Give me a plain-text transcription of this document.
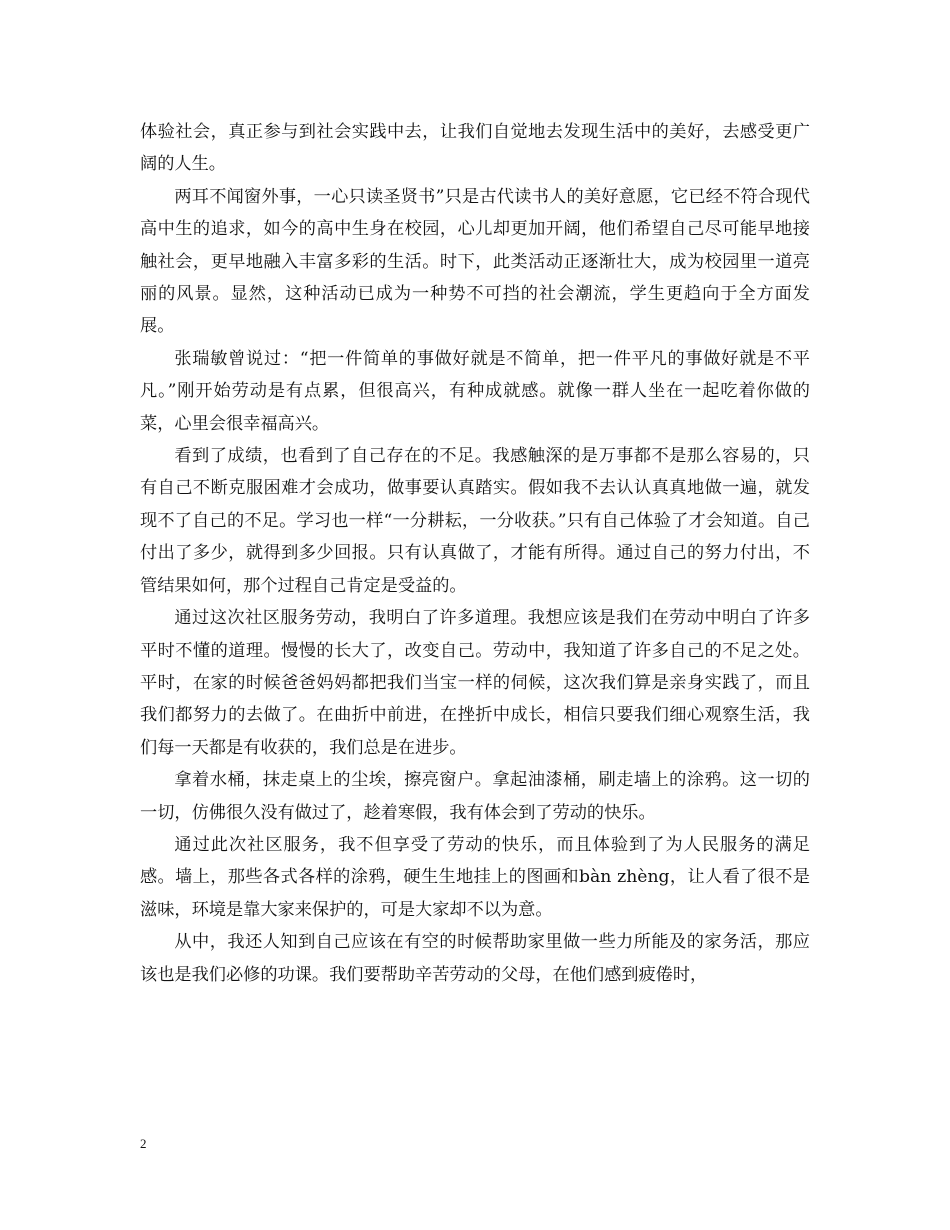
体验社会，真正参与到社会实践中去，让我们自觉地去发现生活中的美好，去感受更广阔的人生。

两耳不闻窗外事，一心只读圣贤书”只是古代读书人的美好意愿，它已经不符合现代高中生的追求，如今的高中生身在校园，心儿却更加开阔，他们希望自己尽可能早地接触社会，更早地融入丰富多彩的生活。时下，此类活动正逐渐壮大，成为校园里一道亮丽的风景。显然，这种活动已成为一种势不可挡的社会潮流，学生更趋向于全方面发展。

张瑞敏曾说过：“把一件简单的事做好就是不简单，把一件平凡的事做好就是不平凡。”刚开始劳动是有点累，但很高兴，有种成就感。就像一群人坐在一起吃着你做的菜，心里会很幸福高兴。

看到了成绩，也看到了自己存在的不足。我感触深的是万事都不是那么容易的，只有自己不断克服困难才会成功，做事要认真踏实。假如我不去认认真真地做一遍，就发现不了自己的不足。学习也一样“一分耕耘，一分收获。”只有自己体验了才会知道。自己付出了多少，就得到多少回报。只有认真做了，才能有所得。通过自己的努力付出，不管结果如何，那个过程自己肯定是受益的。

通过这次社区服务劳动，我明白了许多道理。我想应该是我们在劳动中明白了许多平时不懂的道理。慢慢的长大了，改变自己。劳动中，我知道了许多自己的不足之处。平时，在家的时候爸爸妈妈都把我们当宝一样的伺候，这次我们算是亲身实践了，而且我们都努力的去做了。在曲折中前进，在挫折中成长，相信只要我们细心观察生活，我们每一天都是有收获的，我们总是在进步。

拿着水桶，抹走桌上的尘埃，擦亮窗户。拿起油漆桶，刷走墙上的涂鸦。这一切的一切，仿佛很久没有做过了，趁着寒假，我有体会到了劳动的快乐。

通过此次社区服务，我不但享受了劳动的快乐，而且体验到了为人民服务的满足感。墙上，那些各式各样的涂鸦，硬生生地挂上的图画和bàn zhèng，让人看了很不是滋味，环境是靠大家来保护的，可是大家却不以为意。

从中，我还人知到自己应该在有空的时候帮助家里做一些力所能及的家务活，那应该也是我们必修的功课。我们要帮助辛苦劳动的父母，在他们感到疲倦时，

2
